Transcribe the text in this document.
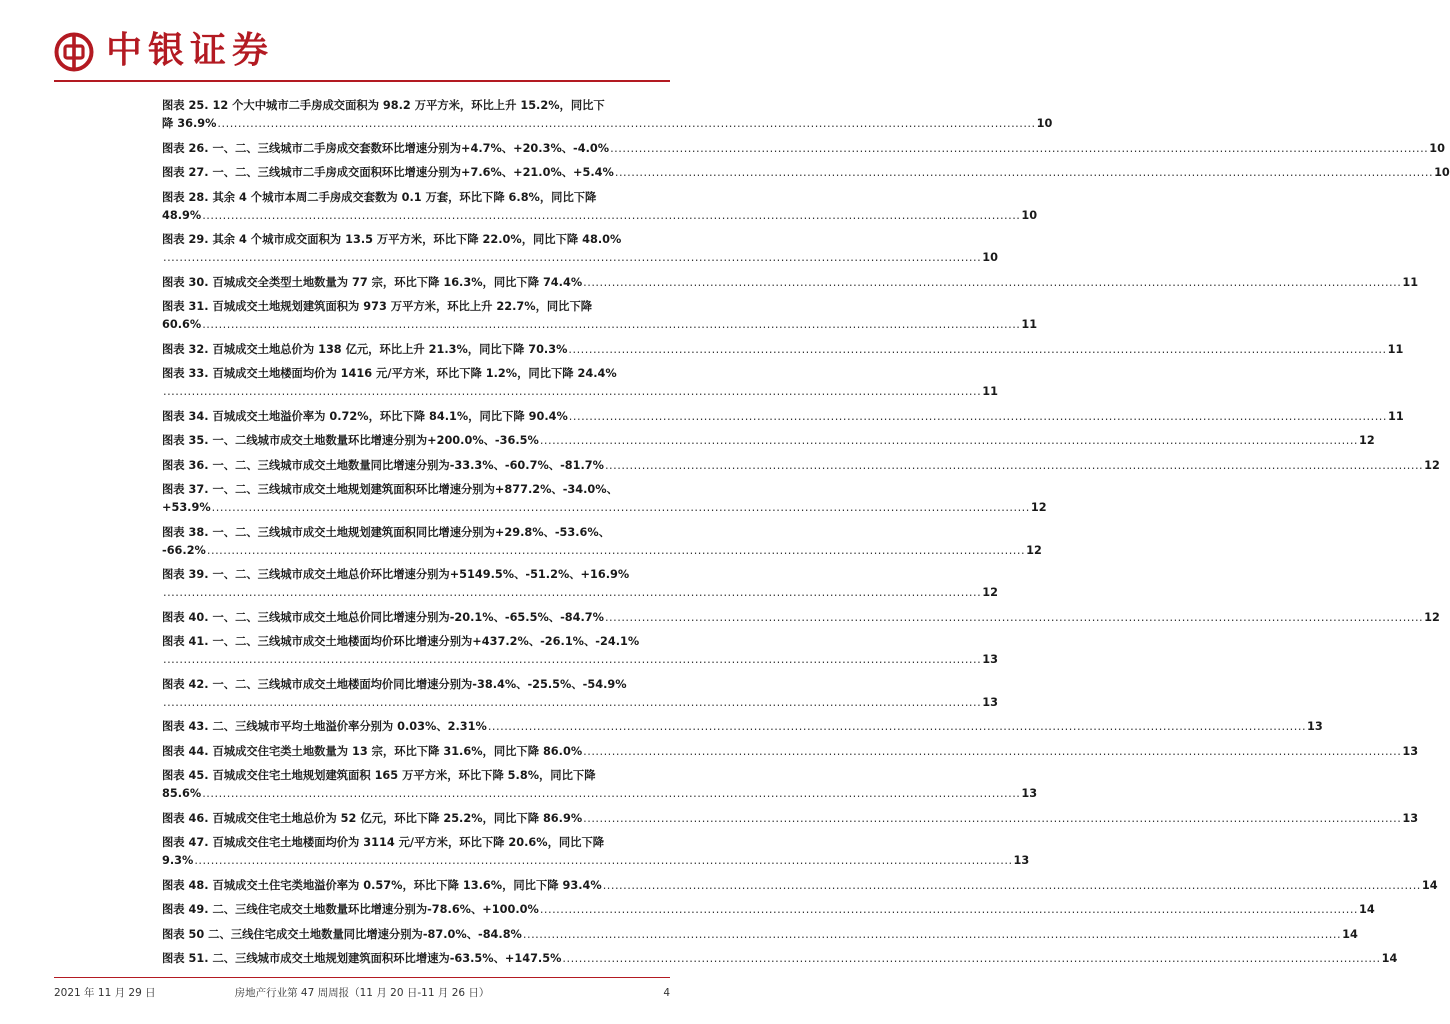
中银证券
图表 25. 12 个大中城市二手房成交面积为 98.2 万平方米，环比上升 15.2%，同比下
降 36.9% ........................................................................................................................................................................................................ 10
图表 26. 一、二、三线城市二手房成交套数环比增速分别为+4.7%、+20.3%、-4.0% ........................................................................................................................................................................................................ 10
图表 27. 一、二、三线城市二手房成交面积环比增速分别为+7.6%、+21.0%、+5.4% ........................................................................................................................................................................................................ 10
图表 28. 其余 4 个城市本周二手房成交套数为 0.1 万套，环比下降 6.8%，同比下降
48.9% ........................................................................................................................................................................................................ 10
图表 29. 其余 4 个城市成交面积为 13.5 万平方米，环比下降 22.0%，同比下降 48.0%
........................................................................................................................................................................................................ 10
图表 30. 百城成交全类型土地数量为 77 宗，环比下降 16.3%，同比下降 74.4% ........................................................................................................................................................................................................ 11
图表 31. 百城成交土地规划建筑面积为 973 万平方米，环比上升 22.7%，同比下降
60.6% ........................................................................................................................................................................................................ 11
图表 32. 百城成交土地总价为 138 亿元，环比上升 21.3%，同比下降 70.3% ........................................................................................................................................................................................................ 11
图表 33. 百城成交土地楼面均价为 1416 元/平方米，环比下降 1.2%，同比下降 24.4%
........................................................................................................................................................................................................ 11
图表 34. 百城成交土地溢价率为 0.72%，环比下降 84.1%，同比下降 90.4% ........................................................................................................................................................................................................ 11
图表 35. 一、二线城市成交土地数量环比增速分别为+200.0%、-36.5% ........................................................................................................................................................................................................ 12
图表 36. 一、二、三线城市成交土地数量同比增速分别为-33.3%、-60.7%、-81.7% ........................................................................................................................................................................................................ 12
图表 37. 一、二、三线城市成交土地规划建筑面积环比增速分别为+877.2%、-34.0%、
+53.9% ........................................................................................................................................................................................................ 12
图表 38. 一、二、三线城市成交土地规划建筑面积同比增速分别为+29.8%、-53.6%、
-66.2% ........................................................................................................................................................................................................ 12
图表 39. 一、二、三线城市成交土地总价环比增速分别为+5149.5%、-51.2%、+16.9%
........................................................................................................................................................................................................ 12
图表 40. 一、二、三线城市成交土地总价同比增速分别为-20.1%、-65.5%、-84.7% ........................................................................................................................................................................................................ 12
图表 41. 一、二、三线城市成交土地楼面均价环比增速分别为+437.2%、-26.1%、-24.1%
........................................................................................................................................................................................................ 13
图表 42. 一、二、三线城市成交土地楼面均价同比增速分别为-38.4%、-25.5%、-54.9%
........................................................................................................................................................................................................ 13
图表 43. 二、三线城市平均土地溢价率分别为 0.03%、2.31% ........................................................................................................................................................................................................ 13
图表 44. 百城成交住宅类土地数量为 13 宗，环比下降 31.6%，同比下降 86.0% ........................................................................................................................................................................................................ 13
图表 45. 百城成交住宅土地规划建筑面积 165 万平方米，环比下降 5.8%，同比下降
85.6% ........................................................................................................................................................................................................ 13
图表 46. 百城成交住宅土地总价为 52 亿元，环比下降 25.2%，同比下降 86.9% ........................................................................................................................................................................................................ 13
图表 47. 百城成交住宅土地楼面均价为 3114 元/平方米，环比下降 20.6%，同比下降
9.3% ........................................................................................................................................................................................................ 13
图表 48. 百城成交土住宅类地溢价率为 0.57%，环比下降 13.6%，同比下降 93.4% ........................................................................................................................................................................................................ 14
图表 49. 二、三线住宅成交土地数量环比增速分别为-78.6%、+100.0% ........................................................................................................................................................................................................ 14
图表 50 二、三线住宅成交土地数量同比增速分别为-87.0%、-84.8% ........................................................................................................................................................................................................ 14
图表 51. 二、三线城市成交土地规划建筑面积环比增速为-63.5%、+147.5% ........................................................................................................................................................................................................ 14
2021 年 11 月 29 日	房地产行业第 47 周周报（11 月 20 日-11 月 26 日）	4
